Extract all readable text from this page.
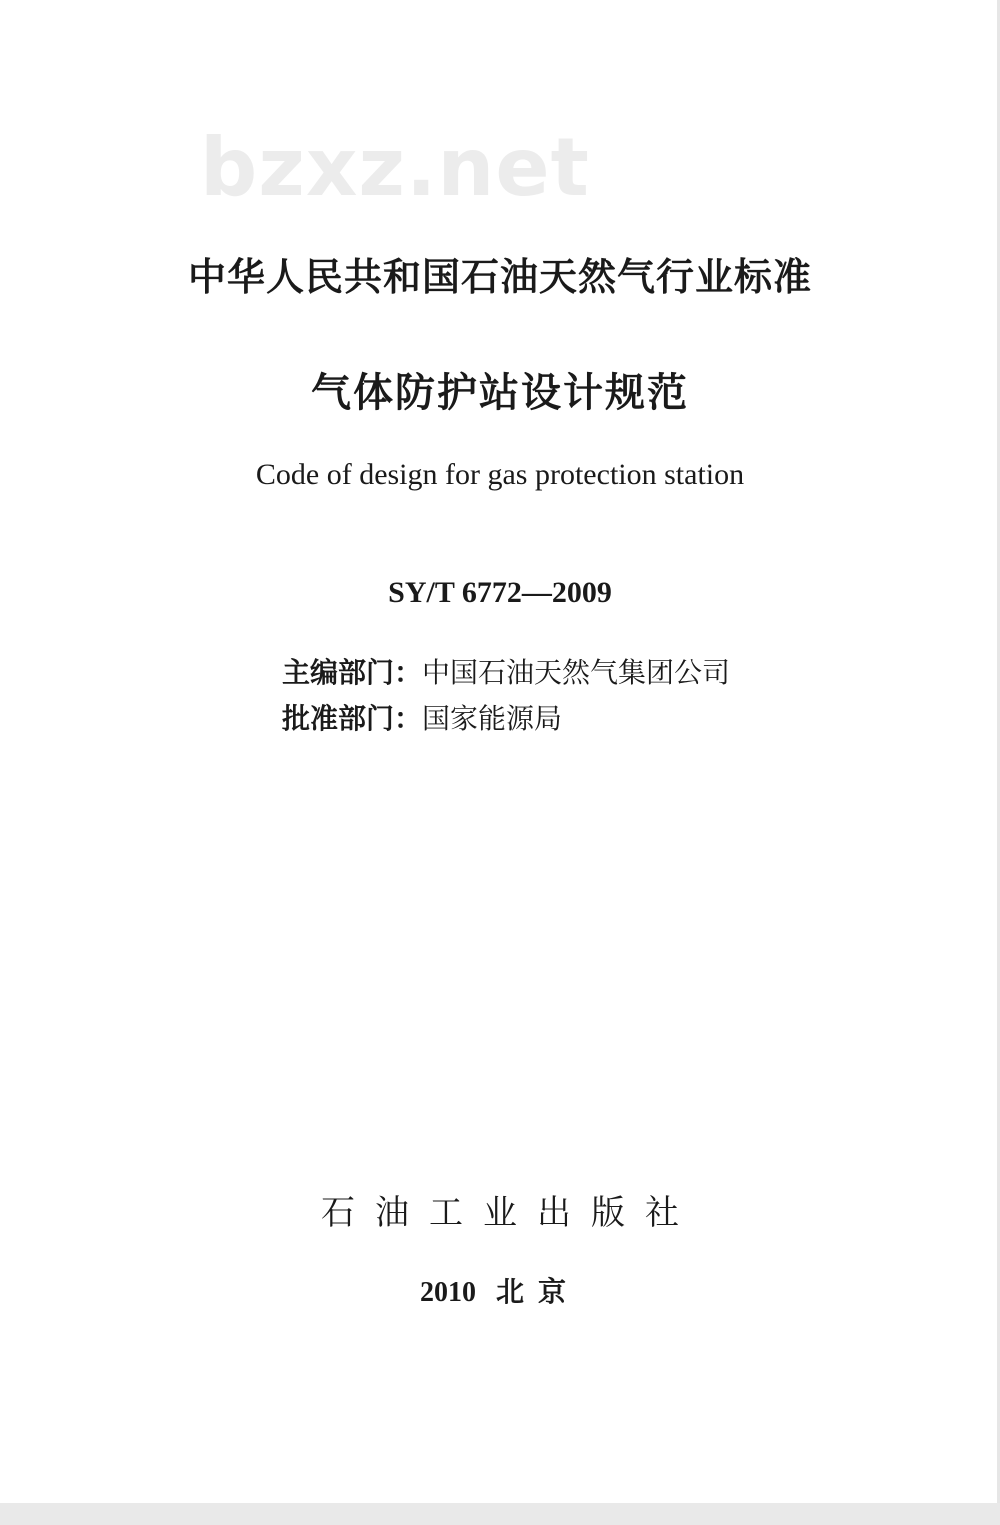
bzxz.net
中华人民共和国石油天然气行业标准
气体防护站设计规范
Code of design for gas protection station
SY/T 6772—2009
主编部门：中国石油天然气集团公司
批准部门：国家能源局
石油工业出版社
2010 北京
